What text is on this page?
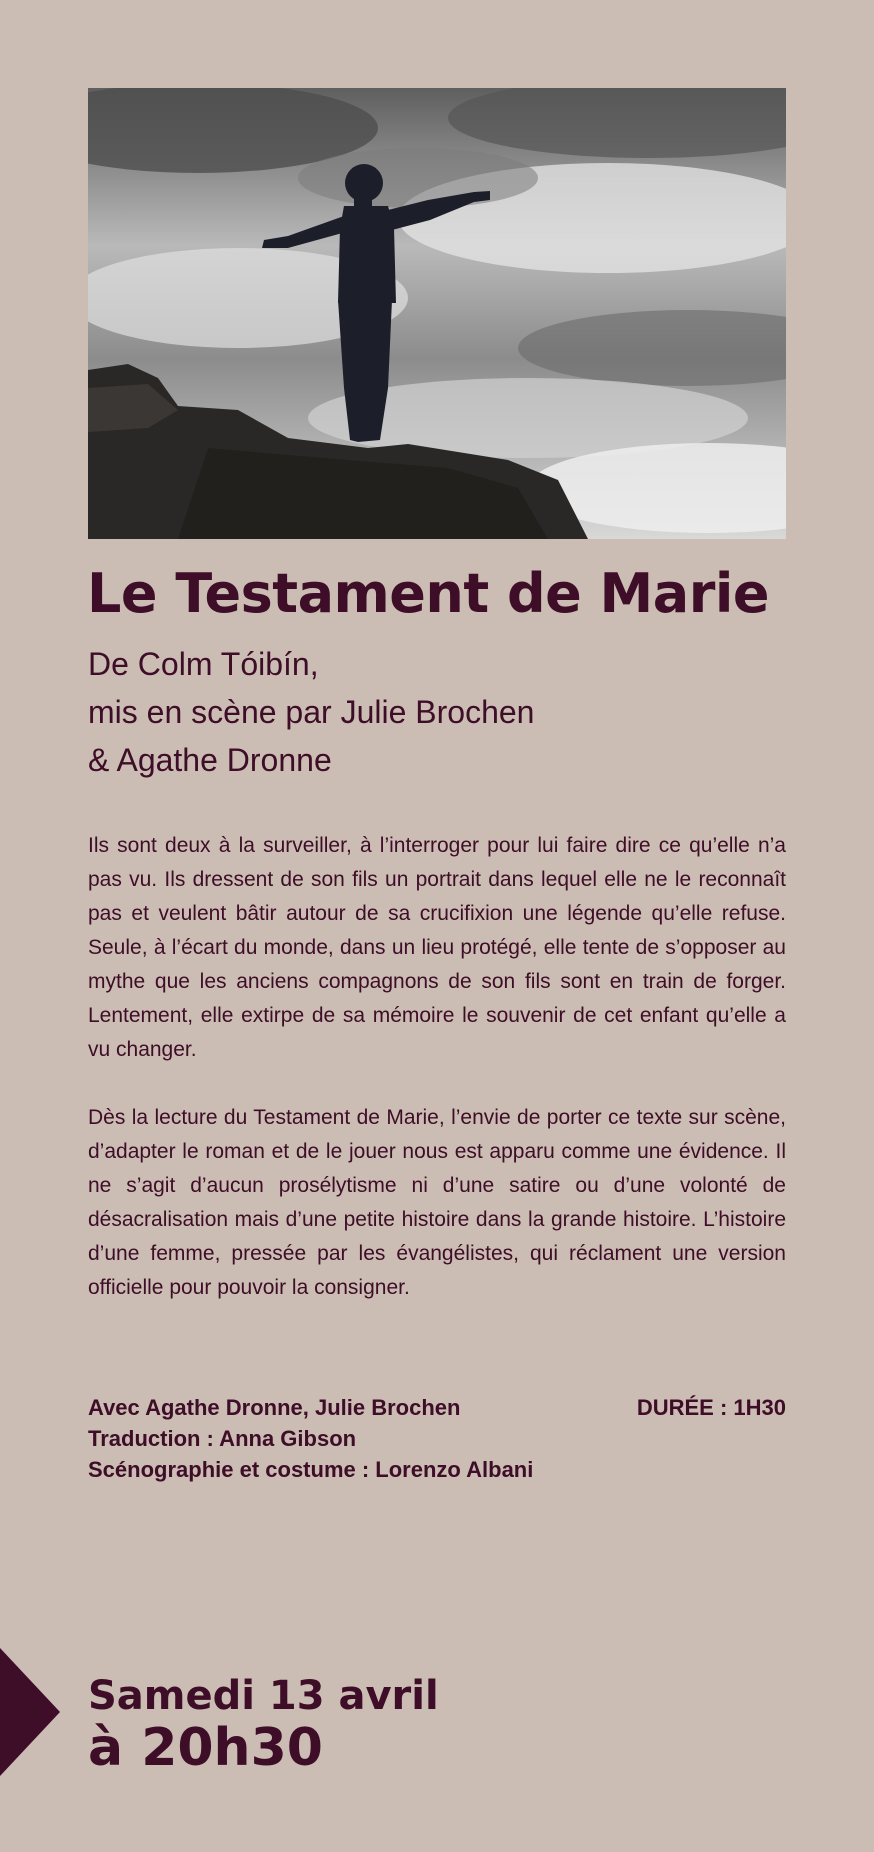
Le Testament de Marie
De Colm Tóibín,
mis en scène par Julie Brochen
& Agathe Dronne

Ils sont deux à la surveiller, à l’interroger pour lui faire dire ce qu’elle n’a pas vu. Ils dressent de son fils un portrait dans lequel elle ne le reconnaît pas et veulent bâtir autour de sa crucifixion une légende qu’elle refuse. Seule, à l’écart du monde, dans un lieu protégé, elle tente de s’opposer au mythe que les anciens compagnons de son fils sont en train de forger. Lentement, elle extirpe de sa mémoire le souvenir de cet enfant qu’elle a vu changer.

Dès la lecture du Testament de Marie, l’envie de porter ce texte sur scène, d’adapter le roman et de le jouer nous est apparu comme une évidence. Il ne s’agit d’aucun prosélytisme ni d’une satire ou d’une volonté de désacralisation mais d’une petite histoire dans la grande histoire. L’histoire d’une femme, pressée par les évangélistes, qui réclament une version officielle pour pouvoir la consigner.

Avec Agathe Dronne, Julie Brochen
Traduction : Anna Gibson
Scénographie et costume : Lorenzo Albani
DURÉE : 1H30
Samedi 13 avril
à 20h30
